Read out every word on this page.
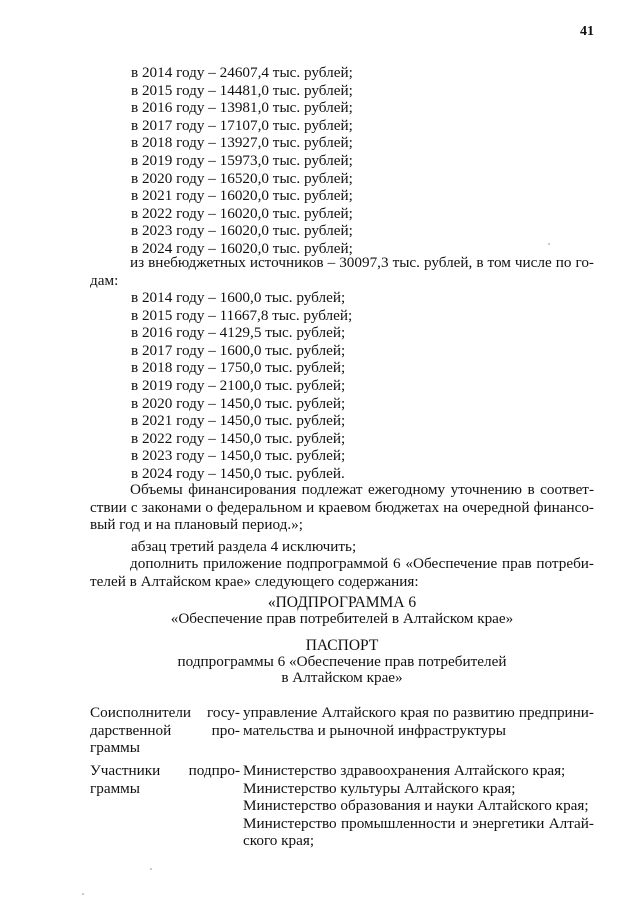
41
в 2014 году – 24607,4 тыс. рублей;
в 2015 году – 14481,0 тыс. рублей;
в 2016 году – 13981,0 тыс. рублей;
в 2017 году – 17107,0 тыс. рублей;
в 2018 году – 13927,0 тыс. рублей;
в 2019 году – 15973,0 тыс. рублей;
в 2020 году – 16520,0 тыс. рублей;
в 2021 году – 16020,0 тыс. рублей;
в 2022 году – 16020,0 тыс. рублей;
в 2023 году – 16020,0 тыс. рублей;
в 2024 году – 16020,0 тыс. рублей;
из внебюджетных источников – 30097,3 тыс. рублей, в том числе по го-
дам:
в 2014 году – 1600,0 тыс. рублей;
в 2015 году – 11667,8 тыс. рублей;
в 2016 году – 4129,5 тыс. рублей;
в 2017 году – 1600,0 тыс. рублей;
в 2018 году – 1750,0 тыс. рублей;
в 2019 году – 2100,0 тыс. рублей;
в 2020 году – 1450,0 тыс. рублей;
в 2021 году – 1450,0 тыс. рублей;
в 2022 году – 1450,0 тыс. рублей;
в 2023 году – 1450,0 тыс. рублей;
в 2024 году – 1450,0 тыс. рублей.
Объемы финансирования подлежат ежегодному уточнению в соответ-
ствии с законами о федеральном и краевом бюджетах на очередной финансо-
вый год и на плановый период.»;
абзац третий раздела 4 исключить;
дополнить приложение подпрограммой 6 «Обеспечение прав потреби-
телей в Алтайском крае» следующего содержания:
«ПОДПРОГРАММА 6
«Обеспечение прав потребителей в Алтайском крае»
ПАСПОРТ
подпрограммы 6 «Обеспечение прав потребителей
в Алтайском крае»
Соисполнители госу-
дарственной про-
граммы
управление Алтайского края по развитию предприни-
мательства и рыночной инфраструктуры
Участники подпро-
граммы
Министерство здравоохранения Алтайского края;
Министерство культуры Алтайского края;
Министерство образования и науки Алтайского края;
Министерство промышленности и энергетики Алтай-
ского края;
